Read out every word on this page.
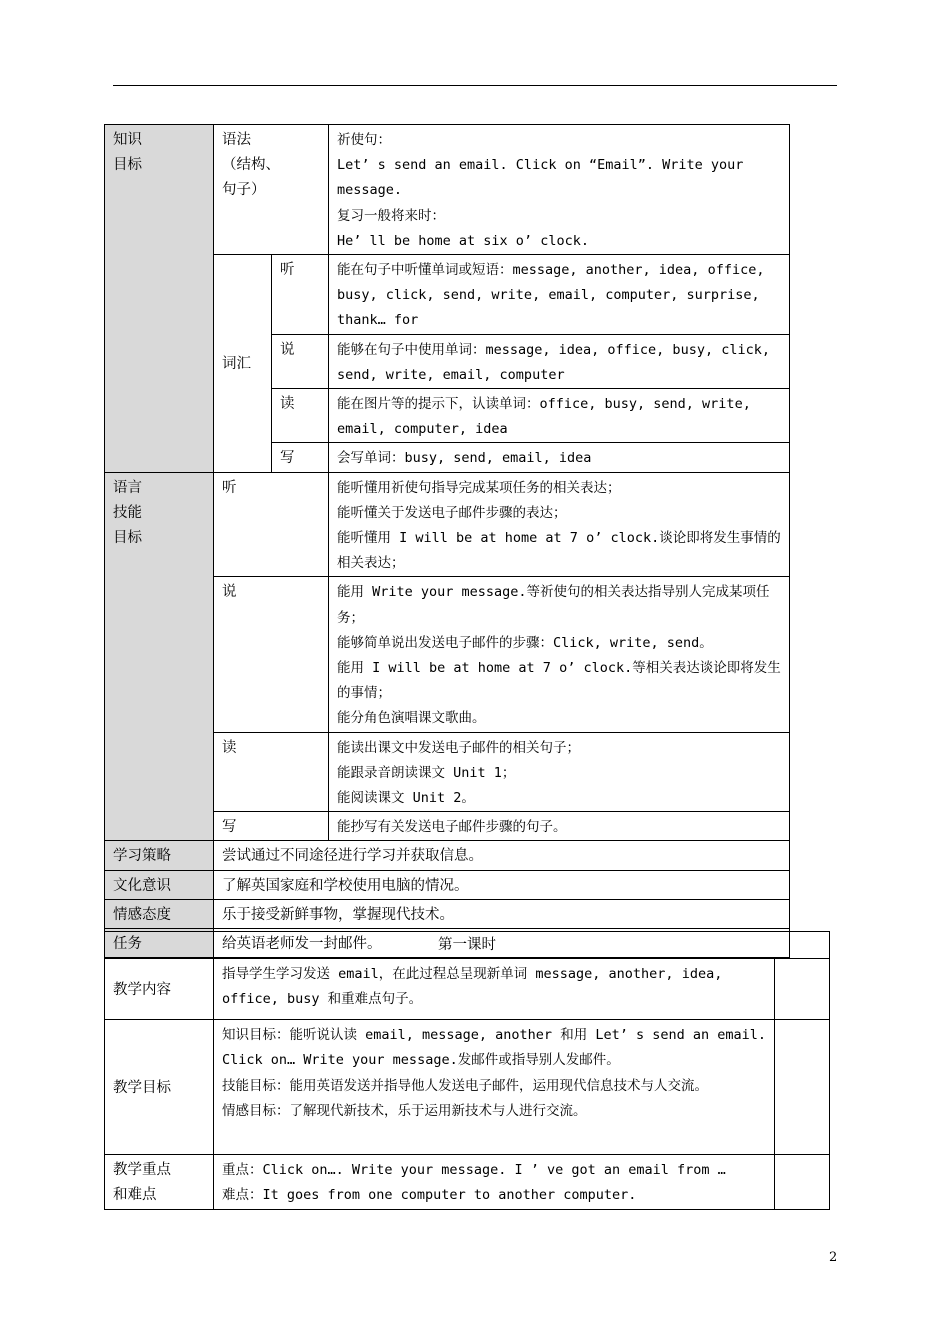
知识
目标	语法
（结构、
句子）		祈使句：
Let’ s send an email. Click on “Email”. Write your message.
复习一般将来时：
He’ ll be home at six o’ clock.

	词汇	听	能在句子中听懂单词或短语：message, another, idea, office, busy, click, send, write, email, computer, surprise, thank… for
		说	能够在句子中使用单词：message, idea, office, busy, click, send, write, email, computer
		读	能在图片等的提示下，认读单词：office, busy, send, write, email, computer, idea
		写	会写单词：busy, send, email, idea
语言
技能
目标	听		能听懂用祈使句指导完成某项任务的相关表达；
能听懂关于发送电子邮件步骤的表达；
能听懂用 I will be at home at 7 o’ clock.谈论即将发生事情的相关表达；

	说		能用 Write your message.等祈使句的相关表达指导别人完成某项任务；
能够简单说出发送电子邮件的步骤：Click, write, send。
能用 I will be at home at 7 o’ clock.等相关表达谈论即将发生的事情；
能分角色演唱课文歌曲。

	读		能读出课文中发送电子邮件的相关句子；
能跟录音朗读课文 Unit 1；
能阅读课文 Unit 2。

	写		能抄写有关发送电子邮件步骤的句子。

学习策略	尝试通过不同途径进行学习并获取信息。		
文化意识	了解英国家庭和学校使用电脑的情况。		
情感态度	乐于接受新鲜事物，掌握现代技术。		
任务	给英语老师发一封邮件。			第一课时		
教学内容	指导学生学习发送 email，在此过程总呈现新单词 message, another, idea, office, busy 和重难点句子。	

教学目标	知识目标：能听说认读 email, message, another 和用 Let’ s send an email. Click on… Write your message.发邮件或指导别人发邮件。
技能目标：能用英语发送并指导他人发送电子邮件，运用现代信息技术与人交流。
情感目标：了解现代新技术，乐于运用新技术与人进行交流。	

教学重点
和难点	重点：Click on…. Write your message. I ’ ve got an email from …
难点：It goes from one computer to another computer.	

2
